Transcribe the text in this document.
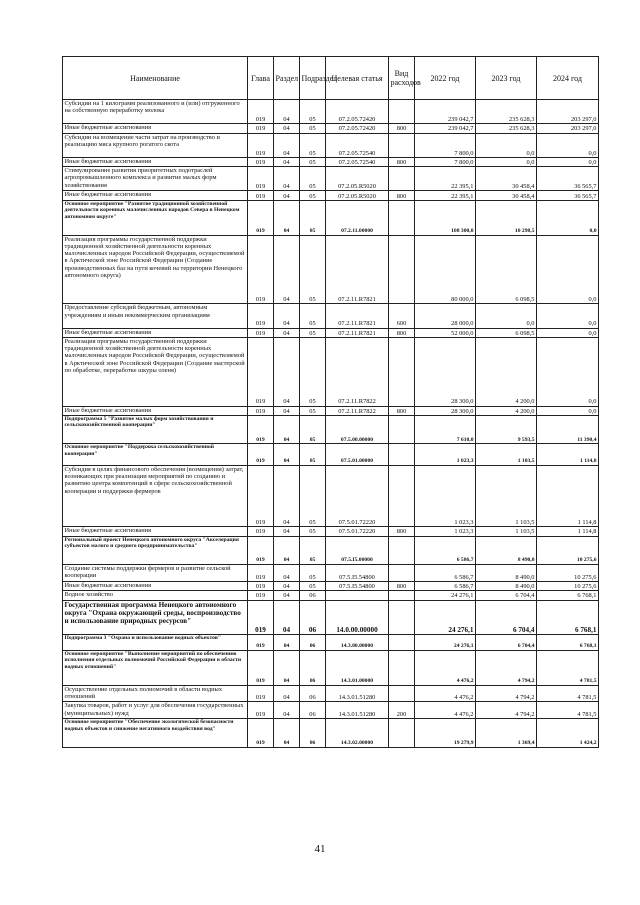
Наименование	Глава	Раздел	Подраздел	Целевая статья	Вид расходов	2022 год	2023 год	2024 год
Субсидии на 1 килограмм реализованного и (или) отгруженного на собственную переработку молока	019	04	05	07.2.05.72420		239 042,7	235 628,3	203 297,0
Иные бюджетные ассигнования	019	04	05	07.2.05.72420	800	239 042,7	235 628,3	203 297,0
Субсидии на возмещение части затрат на производство и реализацию мяса крупного рогатого скота	019	04	05	07.2.05.72540		7 800,0	0,0	0,0
Иные бюджетные ассигнования	019	04	05	07.2.05.72540	800	7 800,0	0,0	0,0
Стимулирование развития приоритетных подотраслей агропромышленного комплекса и развитие малых форм хозяйствования	019	04	05	07.2.05.R5020		22 395,1	30 458,4	36 565,7
Иные бюджетные ассигнования	019	04	05	07.2.05.R5020	800	22 395,1	30 458,4	36 565,7
Основное мероприятие "Развитие традиционной хозяйственной деятельности коренных малочисленных народов Севера в Ненецком автономном округе"	019	04	05	07.2.11.00000		108 300,0	10 298,5	0,0
Реализация программы государственной поддержки традиционной хозяйственной деятельности коренных малочисленных народов Российской Федерации, осуществляемой в Арктической зоне Российской Федерации (Создание производственных баз на пути кочевий на территории Ненецкого автономного округа)	019	04	05	07.2.11.R7821		80 000,0	6 098,5	0,0
Предоставление субсидий бюджетным, автономным учреждениям и иным некоммерческим организациям	019	04	05	07.2.11.R7821	600	28 000,0	0,0	0,0
Иные бюджетные ассигнования	019	04	05	07.2.11.R7821	800	52 000,0	6 098,5	0,0
Реализация программы государственной поддержки традиционной хозяйственной деятельности коренных малочисленных народов Российской Федерации, осуществляемой в Арктической зоне Российской Федерации (Создание мастерской по обработке, переработке шкуры оленя)	019	04	05	07.2.11.R7822		28 300,0	4 200,0	0,0
Иные бюджетные ассигнования	019	04	05	07.2.11.R7822	800	28 300,0	4 200,0	0,0
Подпрограмма 5 "Развитие малых форм хозяйствования и сельскохозяйственной кооперации"	019	04	05	07.5.00.00000		7 610,0	9 593,5	11 390,4
Основное мероприятие "Поддержка сельскохозяйственной кооперации"	019	04	05	07.5.01.00000		1 023,3	1 103,5	1 114,8
Субсидия в целях финансового обеспечения (возмещения) затрат, возникающих при реализации мероприятий по созданию и развитию центра компетенций в сфере сельскохозяйственной кооперации и поддержки фермеров	019	04	05	07.5.01.72220		1 023,3	1 103,5	1 114,8
Иные бюджетные ассигнования	019	04	05	07.5.01.72220	800	1 023,3	1 103,5	1 114,8
Региональный проект Ненецкого автономного округа "Акселерация субъектов малого и среднего предпринимательства"	019	04	05	07.5.I5.00000		6 586,7	8 490,0	10 275,6
Создание системы поддержки фермеров и развитие сельской кооперации	019	04	05	07.5.I5.54800		6 586,7	8 490,0	10 275,6
Иные бюджетные ассигнования	019	04	05	07.5.I5.54800	800	6 586,7	8 490,0	10 275,6
Водное хозяйство	019	04	06			24 276,1	6 704,4	6 768,1
Государственная программа Ненецкого автономного округа "Охрана окружающей среды, воспроизводство и использование природных ресурсов"	019	04	06	14.0.00.00000		24 276,1	6 704,4	6 768,1
Подпрограмма 3 "Охрана и использование водных объектов"	019	04	06	14.3.00.00000		24 276,1	6 704,4	6 768,1
Основное мероприятие "Выполнение мероприятий по обеспечению исполнения отдельных полномочий Российской Федерации в области водных отношений"	019	04	06	14.3.01.00000		4 476,2	4 794,2	4 781,5
Осуществление отдельных полномочий в области водных отношений	019	04	06	14.3.01.51280		4 476,2	4 794,2	4 781,5
Закупка товаров, работ и услуг для обеспечения государственных (муниципальных) нужд	019	04	06	14.3.01.51280	200	4 476,2	4 794,2	4 781,5
Основное мероприятие "Обеспечение экологической безопасности водных объектов и снижение негативного воздействия вод"	019	04	06	14.3.02.00000		19 279,9	1 369,4	1 424,2
41
